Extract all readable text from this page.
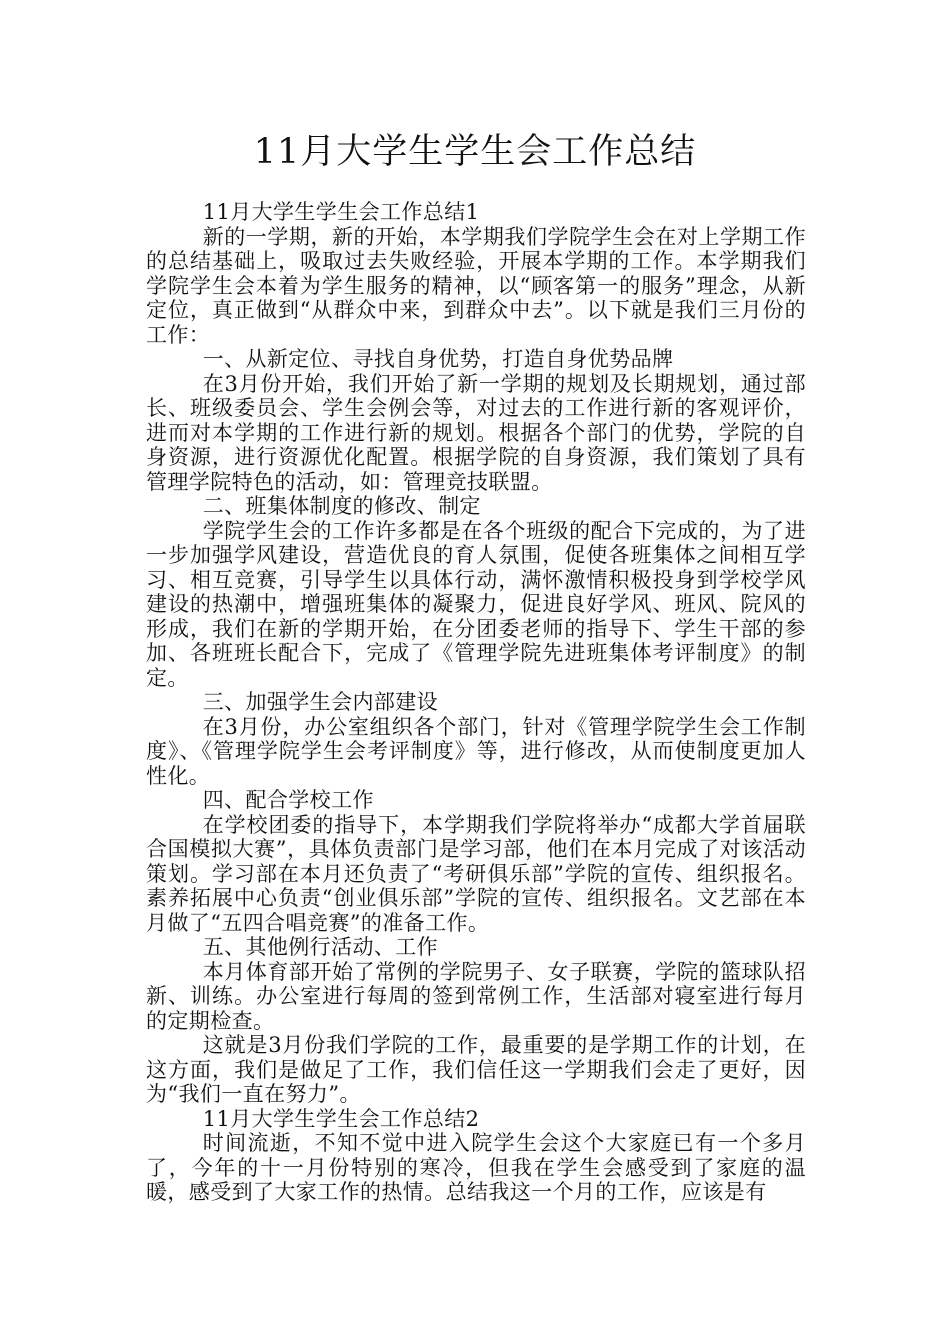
11月大学生学生会工作总结

11月大学生学生会工作总结1

新的一学期，新的开始，本学期我们学院学生会在对上学期工作的总结基础上，吸取过去失败经验，开展本学期的工作。本学期我们学院学生会本着为学生服务的精神，以“顾客第一的服务”理念，从新定位，真正做到“从群众中来，到群众中去”。以下就是我们三月份的工作：

一、从新定位、寻找自身优势，打造自身优势品牌

在3月份开始，我们开始了新一学期的规划及长期规划，通过部长、班级委员会、学生会例会等，对过去的工作进行新的客观评价，进而对本学期的工作进行新的规划。根据各个部门的优势，学院的自身资源，进行资源优化配置。根据学院的自身资源，我们策划了具有管理学院特色的活动，如：管理竞技联盟。

二、班集体制度的修改、制定

学院学生会的工作许多都是在各个班级的配合下完成的，为了进一步加强学风建设，营造优良的育人氛围，促使各班集体之间相互学习、相互竞赛，引导学生以具体行动，满怀激情积极投身到学校学风建设的热潮中，增强班集体的凝聚力，促进良好学风、班风、院风的形成，我们在新的学期开始，在分团委老师的指导下、学生干部的参加、各班班长配合下，完成了《管理学院先进班集体考评制度》的制定。

三、加强学生会内部建设

在3月份，办公室组织各个部门，针对《管理学院学生会工作制度》、《管理学院学生会考评制度》等，进行修改，从而使制度更加人性化。

四、配合学校工作

在学校团委的指导下，本学期我们学院将举办“成都大学首届联合国模拟大赛”，具体负责部门是学习部，他们在本月完成了对该活动策划。学习部在本月还负责了“考研俱乐部”学院的宣传、组织报名。素养拓展中心负责“创业俱乐部”学院的宣传、组织报名。文艺部在本月做了“五四合唱竞赛”的准备工作。

五、其他例行活动、工作

本月体育部开始了常例的学院男子、女子联赛，学院的篮球队招新、训练。办公室进行每周的签到常例工作，生活部对寝室进行每月的定期检查。

这就是3月份我们学院的工作，最重要的是学期工作的计划，在这方面，我们是做足了工作，我们信任这一学期我们会走了更好，因为“我们一直在努力”。

11月大学生学生会工作总结2

时间流逝，不知不觉中进入院学生会这个大家庭已有一个多月了，今年的十一月份特别的寒冷，但我在学生会感受到了家庭的温暖，感受到了大家工作的热情。总结我这一个月的工作，应该是有
